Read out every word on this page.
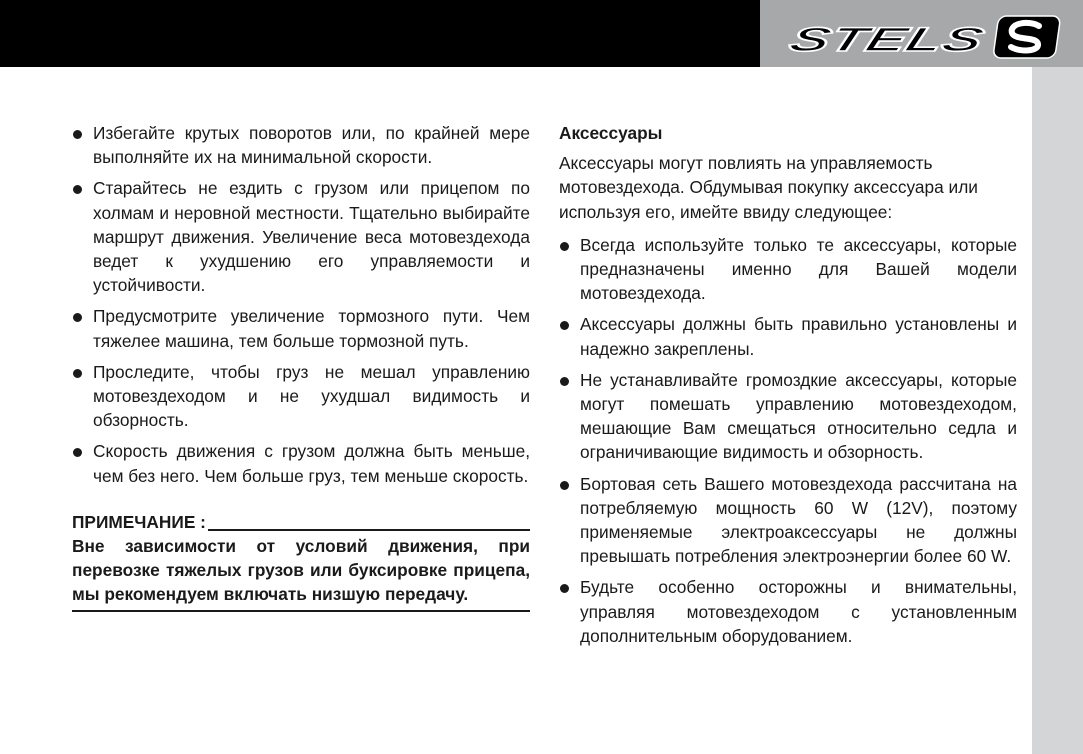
STELS
Избегайте крутых поворотов или, по крайней мере выполняйте их на минимальной скорости.
Старайтесь не ездить с грузом или прицепом по холмам и неровной местности. Тщательно выбирайте маршрут движения. Увеличение веса мотовездехода ведет к ухудшению его управляемости и устойчивости.
Предусмотрите увеличение тормозного пути. Чем тяжелее машина, тем больше тормозной путь.
Проследите, чтобы груз не мешал управлению мотовездеходом и не ухудшал видимость и обзорность.
Скорость движения с грузом должна быть меньше, чем без него. Чем больше груз, тем меньше скорость.
ПРИМЕЧАНИЕ :
Вне зависимости от условий движения, при перевозке тяжелых грузов или буксировке прицепа, мы рекомендуем включать низшую передачу.
Аксессуары
Аксессуары могут повлиять на управляемость мотовездехода. Обдумывая покупку аксессуара или используя его, имейте ввиду следующее:
Всегда используйте только те аксессуары, которые предназначены именно для Вашей модели мотовездехода.
Аксессуары должны быть правильно установлены и надежно закреплены.
Не устанавливайте громоздкие аксессуары, которые могут помешать управлению мотовездеходом, мешающие Вам смещаться относительно седла и ограничивающие видимость и обзорность.
Бортовая сеть Вашего мотовездехода рассчитана на потребляемую мощность 60 W (12V), поэтому применяемые электроаксессуары не должны превышать потребления электроэнергии более 60 W.
Будьте особенно осторожны и внимательны, управляя мотовездеходом с установленным дополнительным оборудованием.
